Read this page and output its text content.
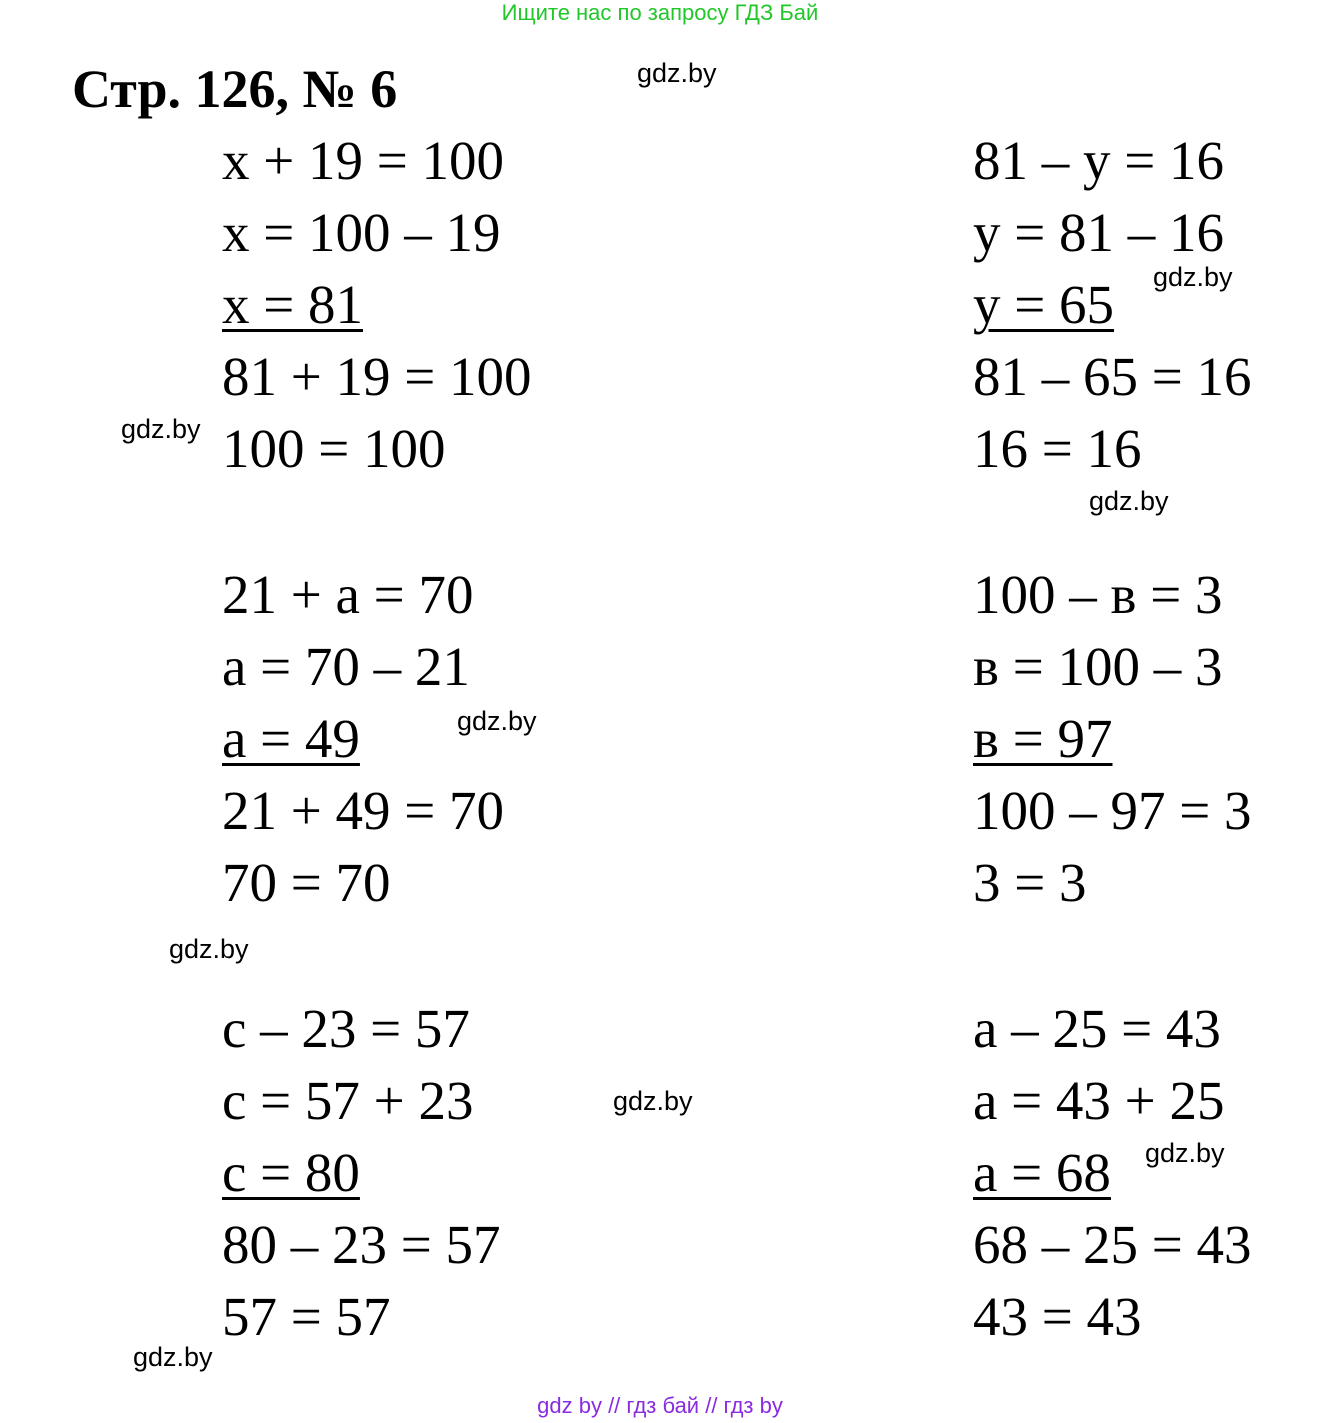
Ищите нас по запросу ГДЗ Бай
Стр. 126, № 6
x + 19 = 100
x = 100 – 19
x = 81
81 + 19 = 100
100 = 100
81 – y = 16
y = 81 – 16
y = 65
81 – 65 = 16
16 = 16
21 + a = 70
a = 70 – 21
a = 49
21 + 49 = 70
70 = 70
100 – в = 3
в = 100 – 3
в = 97
100 – 97 = 3
3 = 3
c – 23 = 57
c = 57 + 23
c = 80
80 – 23 = 57
57 = 57
a – 25 = 43
a = 43 + 25
a = 68
68 – 25 = 43
43 = 43
gdz.by
gdz.by
gdz.by
gdz.by
gdz.by
gdz.by
gdz.by
gdz.by
gdz.by
gdz by // гдз бай // гдз by
